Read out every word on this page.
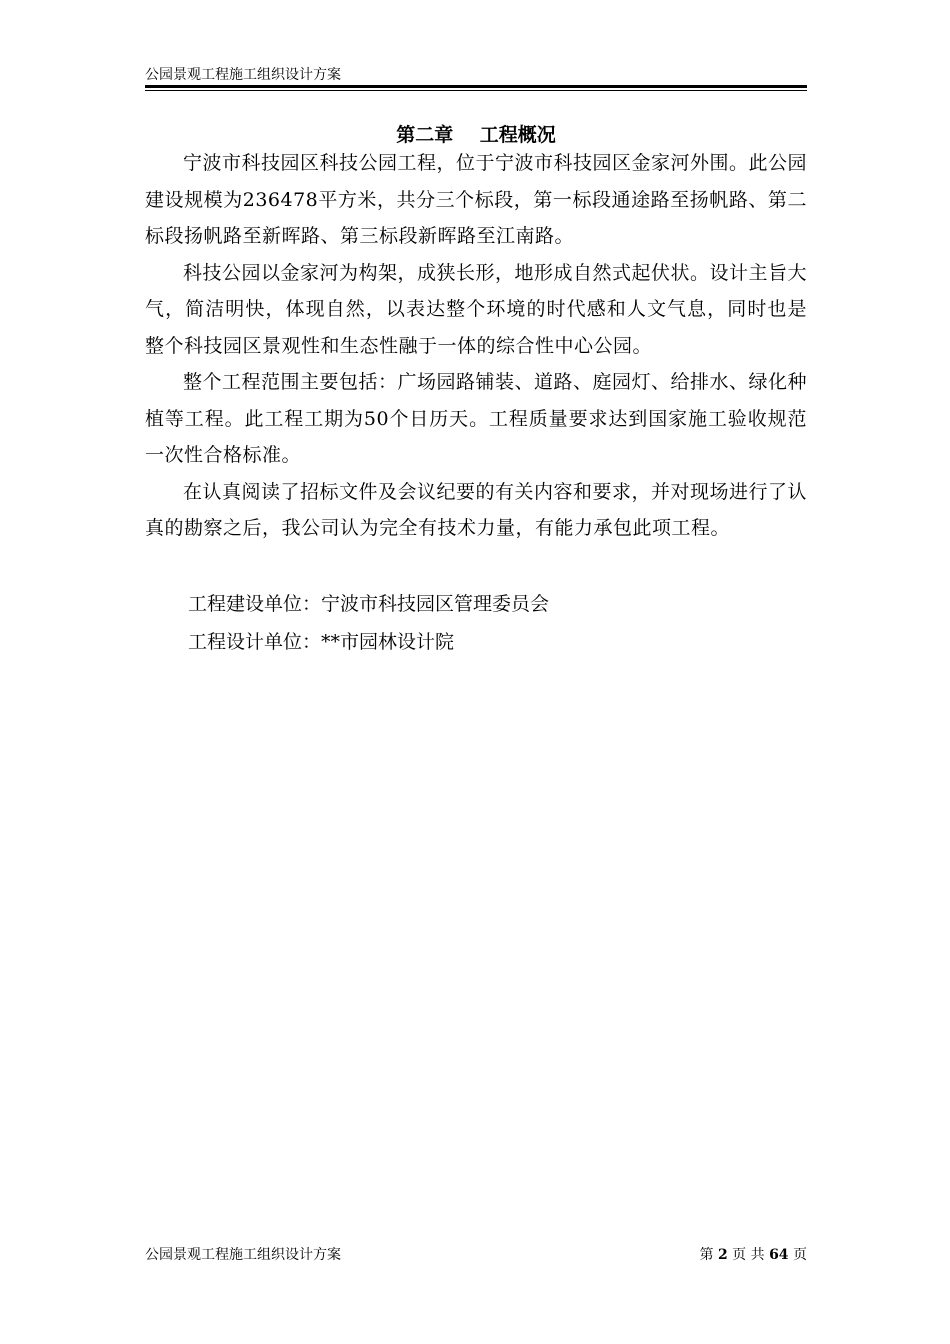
公园景观工程施工组织设计方案
第二章    工程概况

宁波市科技园区科技公园工程，位于宁波市科技园区金家河外围。此公园建设规模为236478平方米，共分三个标段，第一标段通途路至扬帆路、第二标段扬帆路至新晖路、第三标段新晖路至江南路。

科技公园以金家河为构架，成狭长形，地形成自然式起伏状。设计主旨大气，简洁明快，体现自然，以表达整个环境的时代感和人文气息，同时也是整个科技园区景观性和生态性融于一体的综合性中心公园。

整个工程范围主要包括：广场园路铺装、道路、庭园灯、给排水、绿化种植等工程。此工程工期为50个日历天。工程质量要求达到国家施工验收规范一次性合格标准。

在认真阅读了招标文件及会议纪要的有关内容和要求，并对现场进行了认真的勘察之后，我公司认为完全有技术力量，有能力承包此项工程。

工程建设单位：宁波市科技园区管理委员会

工程设计单位：**市园林设计院

公园景观工程施工组织设计方案	第 2 页 共 64 页
